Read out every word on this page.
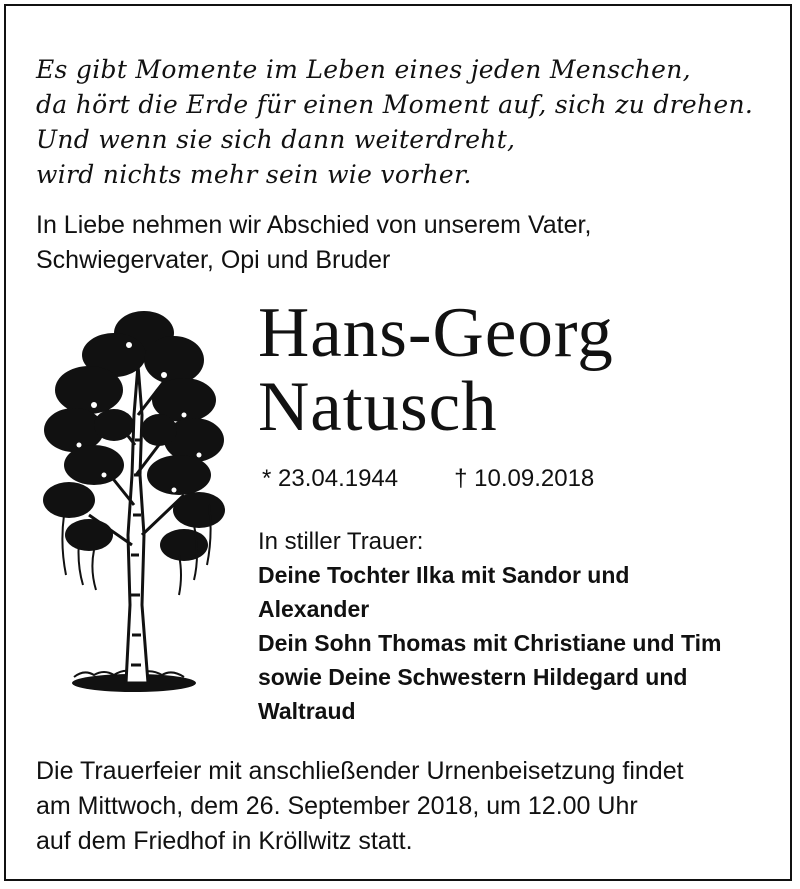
Es gibt Momente im Leben eines jeden Menschen,
da hört die Erde für einen Moment auf, sich zu drehen.
Und wenn sie sich dann weiterdreht,
wird nichts mehr sein wie vorher.
In Liebe nehmen wir Abschied von unserem Vater,
Schwiegervater, Opi und Bruder
Hans-Georg
Natusch
* 23.04.1944 † 10.09.2018
In stiller Trauer:
Deine Tochter Ilka mit Sandor und
Alexander
Dein Sohn Thomas mit Christiane und Tim
sowie Deine Schwestern Hildegard und
Waltraud
Die Trauerfeier mit anschließender Urnenbeisetzung findet
am Mittwoch, dem 26. September 2018, um 12.00 Uhr
auf dem Friedhof in Kröllwitz statt.
